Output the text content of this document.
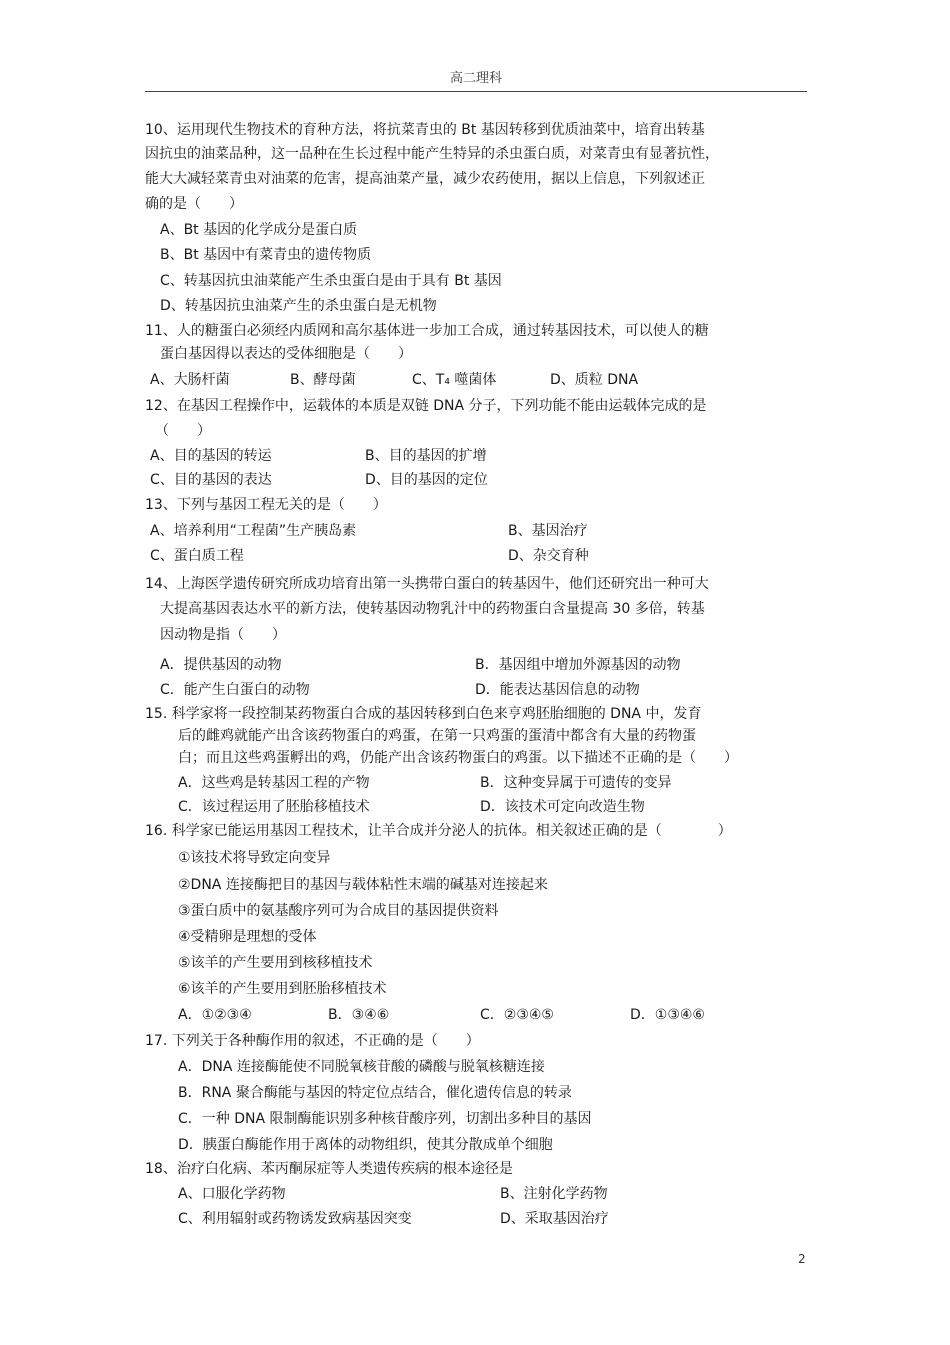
高二理科

10、运用现代生物技术的育种方法，将抗菜青虫的 Bt 基因转移到优质油菜中，培育出转基

因抗虫的油菜品种，这一品种在生长过程中能产生特异的杀虫蛋白质，对菜青虫有显著抗性，

能大大减轻菜青虫对油菜的危害，提高油菜产量，减少农药使用，据以上信息，下列叙述正

确的是（　　）

A、Bt 基因的化学成分是蛋白质

B、Bt 基因中有菜青虫的遗传物质

C、转基因抗虫油菜能产生杀虫蛋白是由于具有 Bt 基因

D、转基因抗虫油菜产生的杀虫蛋白是无机物

11、人的糖蛋白必须经内质网和高尔基体进一步加工合成，通过转基因技术，可以使人的糖

蛋白基因得以表达的受体细胞是（　　）

A、大肠杆菌	B、酵母菌	C、T₄ 噬菌体	D、质粒 DNA

12、在基因工程操作中，运载体的本质是双链 DNA 分子，下列功能不能由运载体完成的是

（　　）

A、目的基因的转运	B、目的基因的扩增

C、目的基因的表达	D、目的基因的定位

13、下列与基因工程无关的是（　　）

A、培养利用“工程菌”生产胰岛素	B、基因治疗

C、蛋白质工程	D、杂交育种

14、上海医学遗传研究所成功培育出第一头携带白蛋白的转基因牛，他们还研究出一种可大

大提高基因表达水平的新方法，使转基因动物乳汁中的药物蛋白含量提高 30 多倍，转基

因动物是指（　　）

A．提供基因的动物	B．基因组中增加外源基因的动物

C．能产生白蛋白的动物	D．能表达基因信息的动物

15. 科学家将一段控制某药物蛋白合成的基因转移到白色来亨鸡胚胎细胞的 DNA 中，发育

后的雌鸡就能产出含该药物蛋白的鸡蛋，在第一只鸡蛋的蛋清中都含有大量的药物蛋

白；而且这些鸡蛋孵出的鸡，仍能产出含该药物蛋白的鸡蛋。以下描述不正确的是（　　）

A．这些鸡是转基因工程的产物	B．这种变异属于可遗传的变异

C．该过程运用了胚胎移植技术	D．该技术可定向改造生物

16. 科学家已能运用基因工程技术，让羊合成并分泌人的抗体。相关叙述正确的是（　　　　）

①该技术将导致定向变异

②DNA 连接酶把目的基因与载体粘性末端的碱基对连接起来

③蛋白质中的氨基酸序列可为合成目的基因提供资料

④受精卵是理想的受体

⑤该羊的产生要用到核移植技术

⑥该羊的产生要用到胚胎移植技术

A．①②③④	B．③④⑥	C．②③④⑤	D．①③④⑥

17. 下列关于各种酶作用的叙述，不正确的是（　　）

A．DNA 连接酶能使不同脱氧核苷酸的磷酸与脱氧核糖连接

B．RNA 聚合酶能与基因的特定位点结合，催化遗传信息的转录

C．一种 DNA 限制酶能识别多种核苷酸序列，切割出多种目的基因

D．胰蛋白酶能作用于离体的动物组织，使其分散成单个细胞

18、治疗白化病、苯丙酮尿症等人类遗传疾病的根本途径是

A、口服化学药物	B、注射化学药物

C、利用辐射或药物诱发致病基因突变	D、采取基因治疗

2
